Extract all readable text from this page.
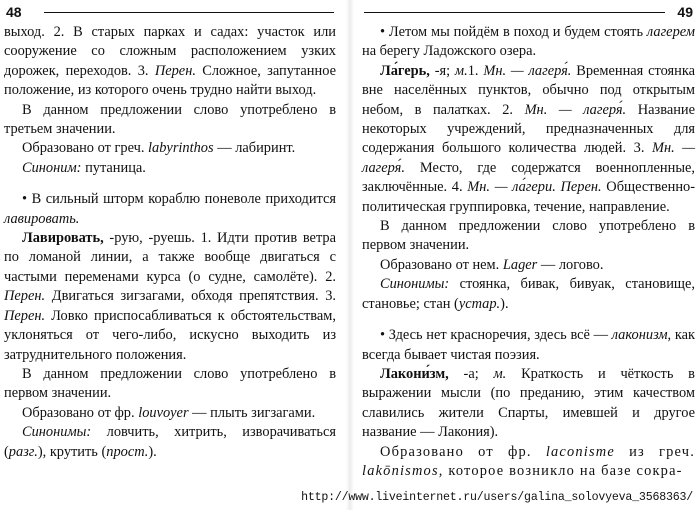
48

выход. 2. В старых парках и садах: участок или сооружение со сложным расположением узких дорожек, переходов. 3. Перен. Сложное, запутанное положение, из которого очень трудно найти выход.

В данном предложении слово употреблено в третьем значении.

Образовано от греч. labyrinthos — лабиринт.

Синоним: путаница.

• В сильный шторм кораблю поневоле приходится лавировать.

Лавировать, -рую, -руешь. 1. Идти против ветра по ломаной линии, а также вообще двигаться с частыми переменами курса (о судне, самолёте). 2. Перен. Двигаться зигзагами, обходя препятствия. 3. Перен. Ловко приспосабливаться к обстоятельствам, уклоняться от чего-либо, искусно выходить из затруднительного положения.

В данном предложении слово употреблено в первом значении.

Образовано от фр. louvoyer — плыть зигзагами.

Синонимы: ловчить, хитрить, изворачиваться (разг.), крутить (прост.).

49

• Летом мы пойдём в поход и будем стоять лагерем на берегу Ладожского озера.

Ла́герь, -я; м.1. Мн. — лагеря́. Временная стоянка вне населённых пунктов, обычно под открытым небом, в палатках. 2. Мн. — лагеря́. Название некоторых учреждений, предназначенных для содержания большого количества людей. 3. Мн. — лагеря́. Место, где содержатся военнопленные, заключённые. 4. Мн. — ла́гери. Перен. Общественно-политическая группировка, течение, направление.

В данном предложении слово употреблено в первом значении.

Образовано от нем. Lager — логово.

Синонимы: стоянка, бивак, бивуак, становище, становье; стан (устар.).

• Здесь нет красноречия, здесь всё — лаконизм, как всегда бывает чистая поэзия.

Лакони́зм, -а; м. Краткость и чёткость в выражении мысли (по преданию, этим качеством славились жители Спарты, имевшей и другое название — Лакония).

Образовано от фр. laconisme из греч. lakōnismos, которое возникло на базе сокра-

http://www.liveinternet.ru/users/galina_solovyeva_3568363/
